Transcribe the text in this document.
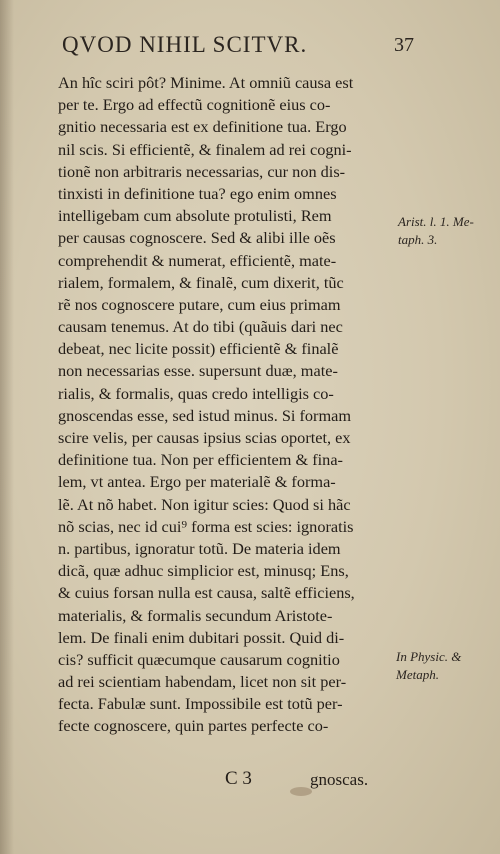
QVOD NIHIL SCITVR.	37
An hîc sciri pôt? Minime. At omniũ causa est
per te. Ergo ad effectũ cognitionẽ eius co-
gnitio necessaria est ex definitione tua. Ergo
nil scis. Si efficientẽ, & finalem ad rei cogni-
tionẽ non arbitraris necessarias, cur non dis-
tinxisti in definitione tua? ego enim omnes
intelligebam cum absolute protulisti, Rem
per causas cognoscere. Sed & alibi ille oẽs
comprehendit & numerat, efficientẽ, mate-
rialem, formalem, & finalẽ, cum dixerit, tũc
rẽ nos cognoscere putare, cum eius primam
causam tenemus. At do tibi (quãuis dari nec
debeat, nec licite possit) efficientẽ & finalẽ
non necessarias esse. supersunt duæ, mate-
rialis, & formalis, quas credo intelligis co-
gnoscendas esse, sed istud minus. Si formam
scire velis, per causas ipsius scias oportet, ex
definitione tua. Non per efficientem & fina-
lem, vt antea. Ergo per materialẽ & forma-
lẽ. At nõ habet. Non igitur scies: Quod si hãc
nõ scias, nec id cui⁹ forma est scies: ignoratis
n. partibus, ignoratur totũ. De materia idem
dicã, quæ adhuc simplicior est, minusq; Ens,
& cuius forsan nulla est causa, saltẽ efficiens,
materialis, & formalis secundum Aristote-
lem. De finali enim dubitari possit. Quid di-
cis? sufficit quæcumque causarum cognitio
ad rei scientiam habendam, licet non sit per-
fecta. Fabulæ sunt. Impossibile est totũ per-
fecte cognoscere, quin partes perfecte co-
Arist. l. 1. Me-
taph. 3.
In Physic. &
Metaph.
C 3	gnoscas.
